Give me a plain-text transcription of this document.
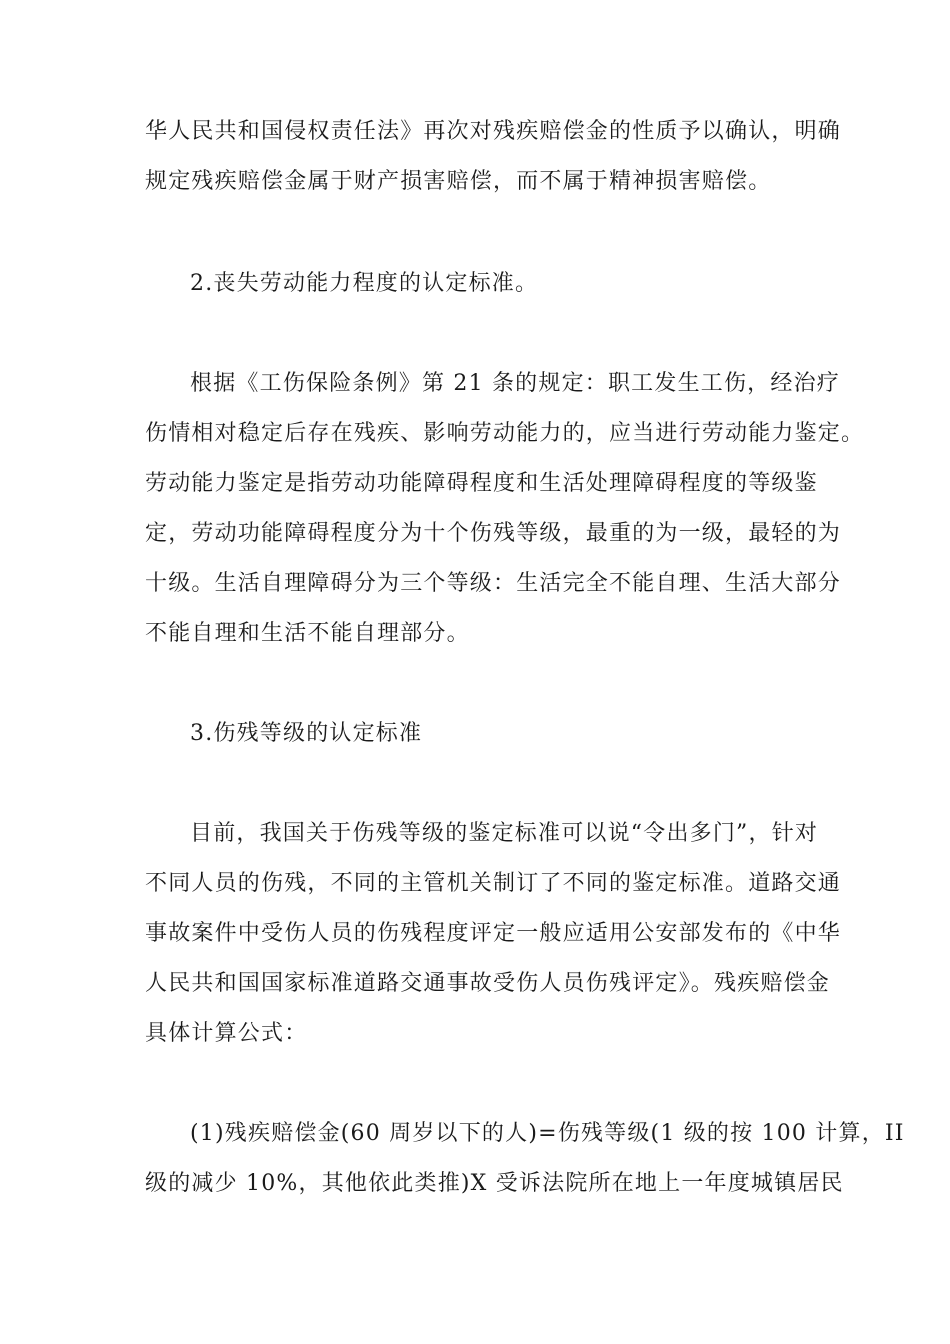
华人民共和国侵权责任法》再次对残疾赔偿金的性质予以确认，明确
规定残疾赔偿金属于财产损害赔偿，而不属于精神损害赔偿。
2.丧失劳动能力程度的认定标准。
根据《工伤保险条例》第 21 条的规定：职工发生工伤，经治疗
伤情相对稳定后存在残疾、影响劳动能力的，应当进行劳动能力鉴定。
劳动能力鉴定是指劳动功能障碍程度和生活处理障碍程度的等级鉴
定，劳动功能障碍程度分为十个伤残等级，最重的为一级，最轻的为
十级。生活自理障碍分为三个等级：生活完全不能自理、生活大部分
不能自理和生活不能自理部分。
3.伤残等级的认定标准
目前，我国关于伤残等级的鉴定标准可以说“令出多门”，针对
不同人员的伤残，不同的主管机关制订了不同的鉴定标准。道路交通
事故案件中受伤人员的伤残程度评定一般应适用公安部发布的《中华
人民共和国国家标准道路交通事故受伤人员伤残评定》。残疾赔偿金
具体计算公式：
(1)残疾赔偿金(60 周岁以下的人)=伤残等级(1 级的按 100 计算，II
级的减少 10%，其他依此类推)X 受诉法院所在地上一年度城镇居民
